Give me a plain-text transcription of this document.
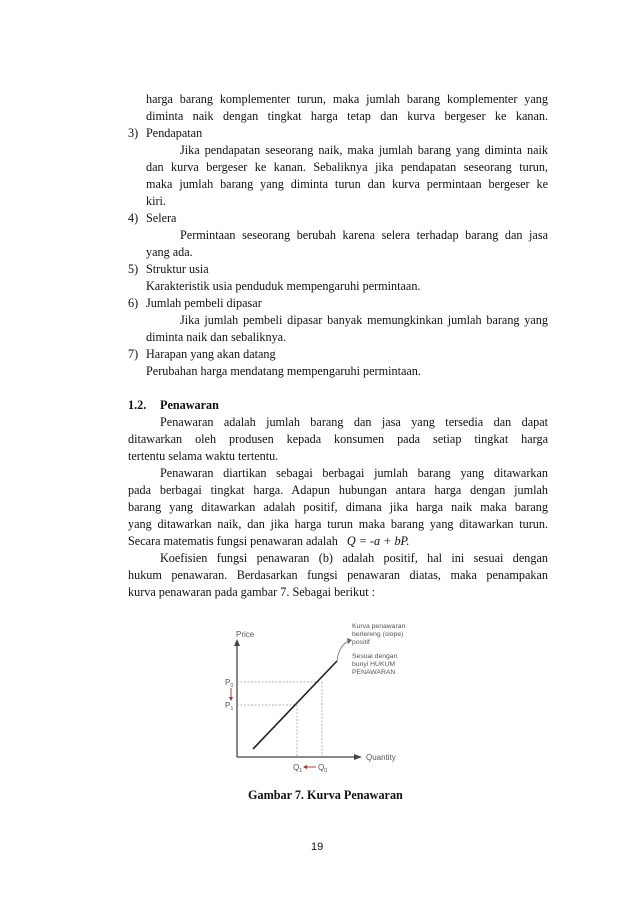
harga barang komplementer turun, maka jumlah barang komplementer yang
diminta naik dengan tingkat harga tetap dan kurva bergeser ke kanan.
3) Pendapatan
Jika pendapatan seseorang naik, maka jumlah barang yang diminta naik
dan kurva bergeser ke kanan. Sebaliknya jika pendapatan seseorang turun,
maka jumlah barang yang diminta turun dan kurva permintaan bergeser ke
kiri.
4) Selera
Permintaan seseorang berubah karena selera terhadap barang dan jasa
yang ada.
5) Struktur usia
Karakteristik usia penduduk mempengaruhi permintaan.
6) Jumlah pembeli dipasar
Jika jumlah pembeli dipasar banyak memungkinkan jumlah barang yang
diminta naik dan sebaliknya.
7) Harapan yang akan datang
Perubahan harga mendatang mempengaruhi permintaan.
1.2. Penawaran
Penawaran adalah jumlah barang dan jasa yang tersedia dan dapat
ditawarkan oleh produsen kepada konsumen pada setiap tingkat harga
tertentu selama waktu tertentu.
Penawaran diartikan sebagai berbagai jumlah barang yang ditawarkan
pada berbagai tingkat harga. Adapun hubungan antara harga dengan jumlah
barang yang ditawarkan adalah positif, dimana jika harga naik maka barang
yang ditawarkan naik, dan jika harga turun maka barang yang ditawarkan turun.
Secara matematis fungsi penawaran adalah Q = -a + bP.
Koefisien fungsi penawaran (b) adalah positif, hal ini sesuai dengan
hukum penawaran. Berdasarkan fungsi penawaran diatas, maka penampakan
kurva penawaran pada gambar 7. Sebagai berikut :
Price
Quantity
$P_0$
$P_1$
$Q_1$ $Q_0$
Kurva penawaran berlereng (slope) positif
Sesuai dengan bunyi HUKUM PENAWARAN
Gambar 7. Kurva Penawaran
19
